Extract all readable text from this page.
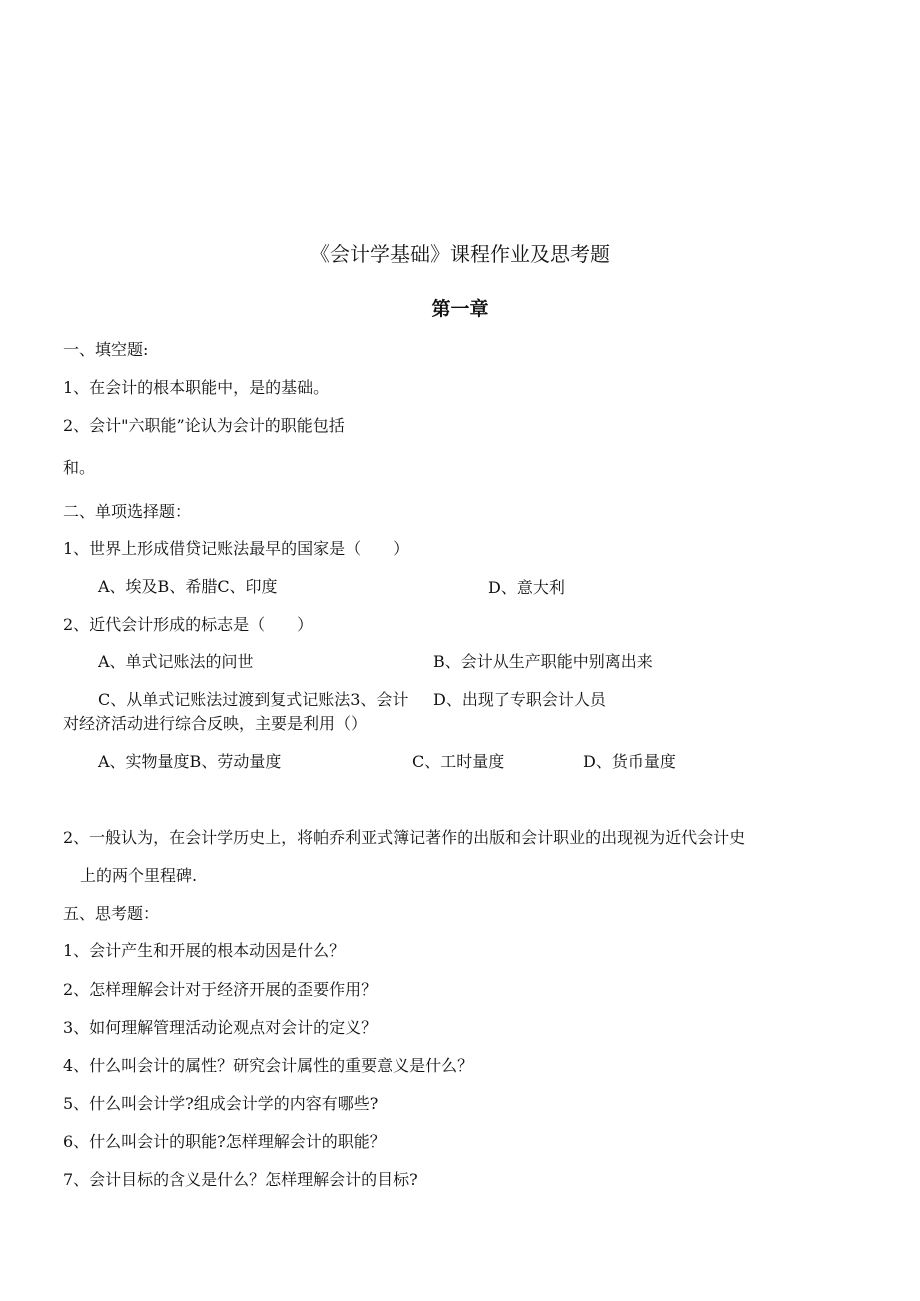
《会计学基础》课程作业及思考题
第一章
一、填空题:
1、在会计的根本职能中，是的基础。
2、会计"六职能”论认为会计的职能包括
和。
二、单项选择题：
1、世界上形成借贷记账法最早的国家是（　　）
A、埃及B、希腊C、印度	D、意大利
2、近代会计形成的标志是（　　）
A、单式记账法的问世	B、会计从生产职能中别离出来
C、从单式记账法过渡到复式记账法3、会计 D、出现了专职会计人员
对经济活动进行综合反映，主要是利用（）
A、实物量度B、劳动量度	C、工时量度	D、货币量度
2、一般认为，在会计学历史上，将帕乔利亚式簿记著作的出版和会计职业的出现视为近代会计史
上的两个里程碑.
五、思考题：
1、会计产生和开展的根本动因是什么？
2、怎样理解会计对于经济开展的歪要作用？
3、如何理解管理活动论观点对会计的定义？
4、什么叫会计的属性？研究会计属性的重要意义是什么？
5、什么叫会计学?组成会计学的内容有哪些?
6、什么叫会计的职能?怎样理解会计的职能？
7、会计目标的含义是什么？怎样理解会计的目标?
